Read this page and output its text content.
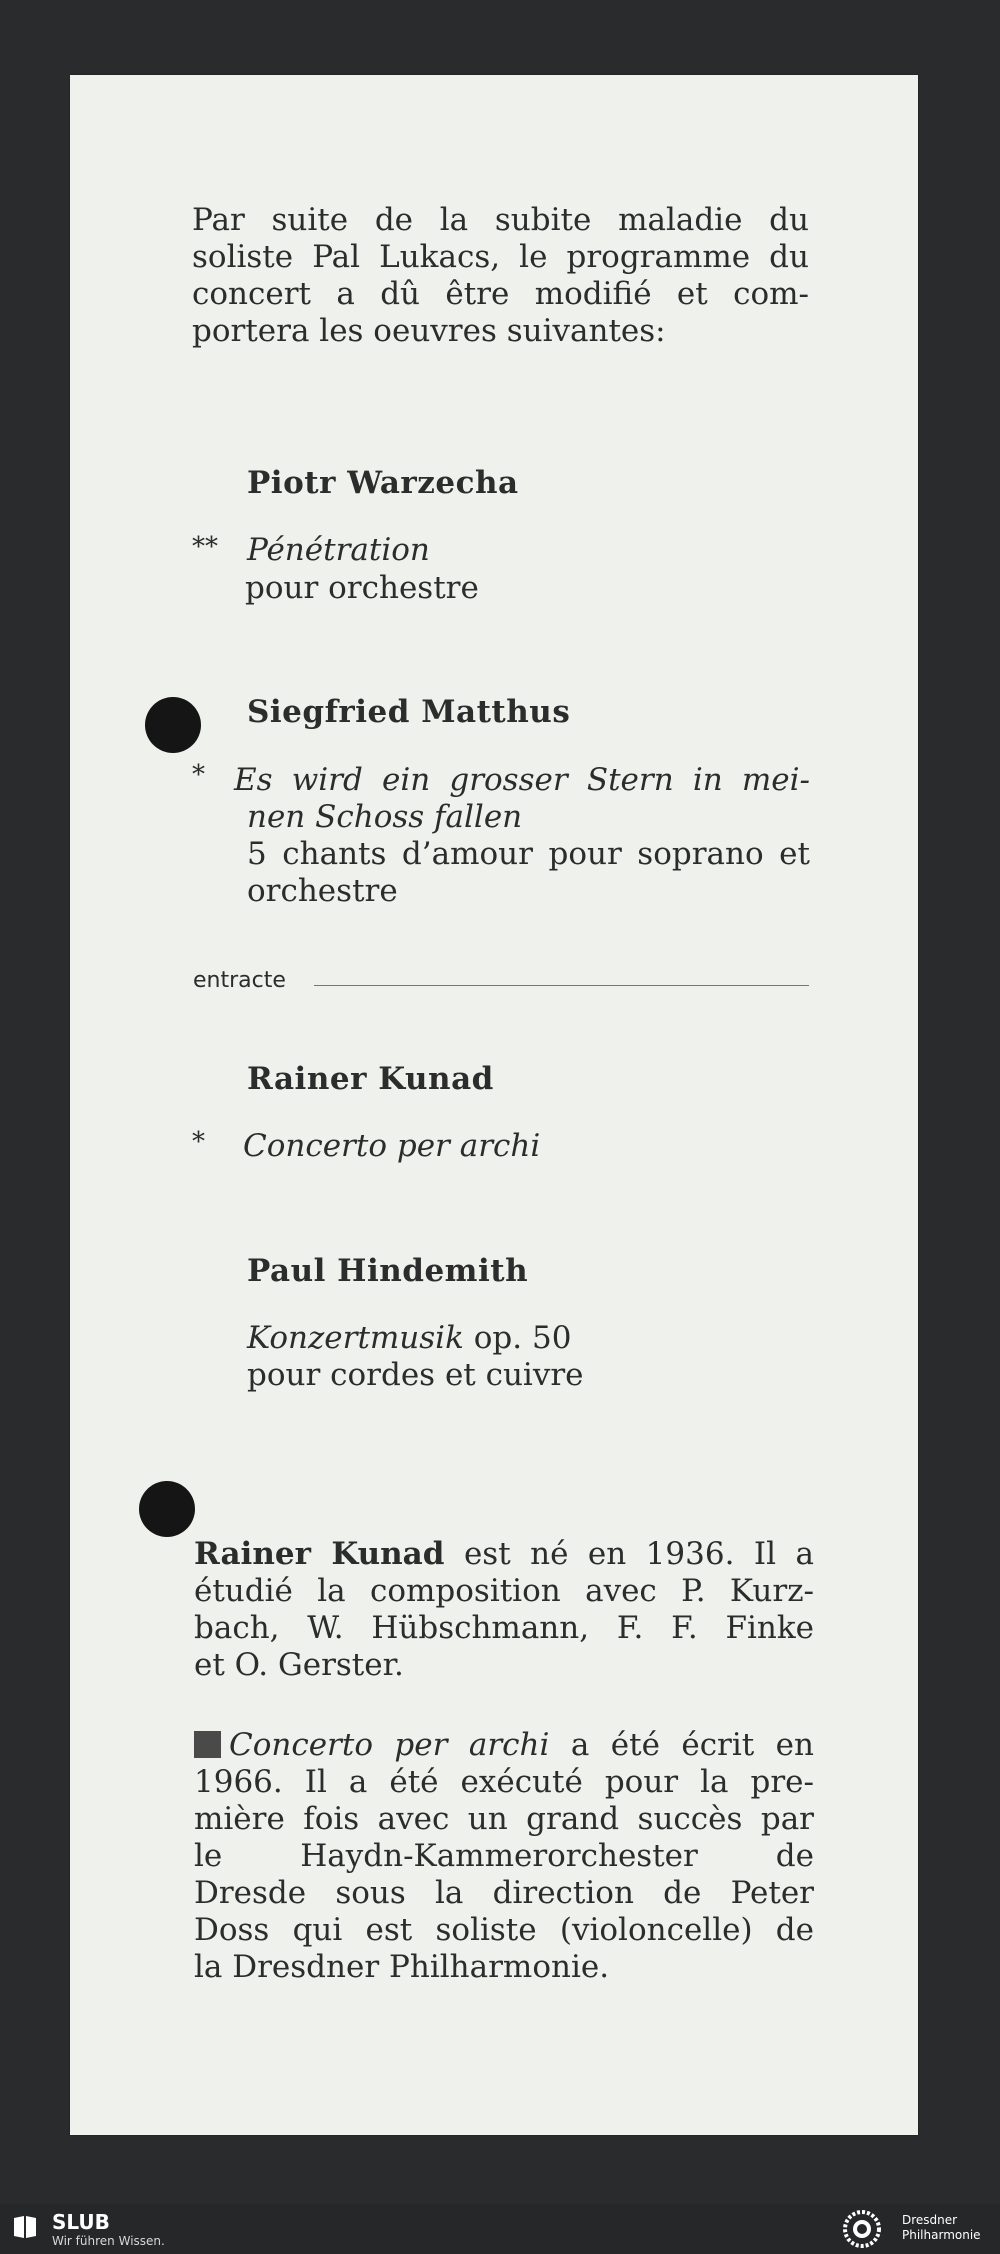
Par suite de la subite maladie du
soliste Pal Lukacs, le programme du
concert a dû être modifié et com-
portera les oeuvres suivantes:
Piotr Warzecha
** Pénétration
pour orchestre
Siegfried Matthus
* Es wird ein grosser Stern in mei-
nen Schoss fallen
5 chants d’amour pour soprano et
orchestre
entracte
Rainer Kunad
* Concerto per archi
Paul Hindemith
Konzertmusik op. 50
pour cordes et cuivre
Rainer Kunad est né en 1936. Il a
étudié la composition avec P. Kurz-
bach, W. Hübschmann, F. F. Finke
et O. Gerster.
Concerto per archi a été écrit en
1966. Il a été exécuté pour la pre-
mière fois avec un grand succès par
le Haydn-Kammerorchester de
Dresde sous la direction de Peter
Doss qui est soliste (violoncelle) de
la Dresdner Philharmonie.
SLUB
Wir führen Wissen.
Dresdner
Philharmonie
